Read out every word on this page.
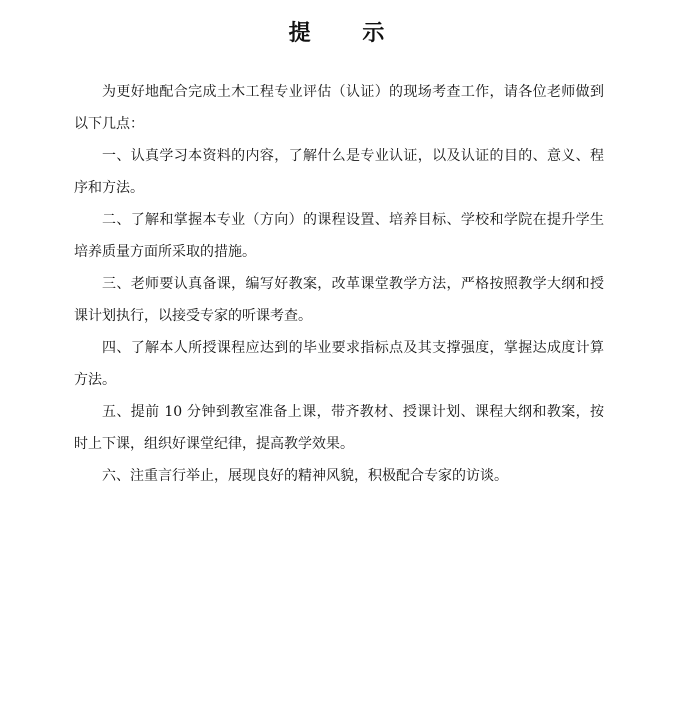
提 示

为更好地配合完成土木工程专业评估（认证）的现场考查工作，请各位老师做到以下几点：

一、认真学习本资料的内容，了解什么是专业认证，以及认证的目的、意义、程序和方法。

二、了解和掌握本专业（方向）的课程设置、培养目标、学校和学院在提升学生培养质量方面所采取的措施。

三、老师要认真备课，编写好教案，改革课堂教学方法，严格按照教学大纲和授课计划执行，以接受专家的听课考查。

四、了解本人所授课程应达到的毕业要求指标点及其支撑强度，掌握达成度计算方法。

五、提前 10 分钟到教室准备上课，带齐教材、授课计划、课程大纲和教案，按时上下课，组织好课堂纪律，提高教学效果。

六、注重言行举止，展现良好的精神风貌，积极配合专家的访谈。
